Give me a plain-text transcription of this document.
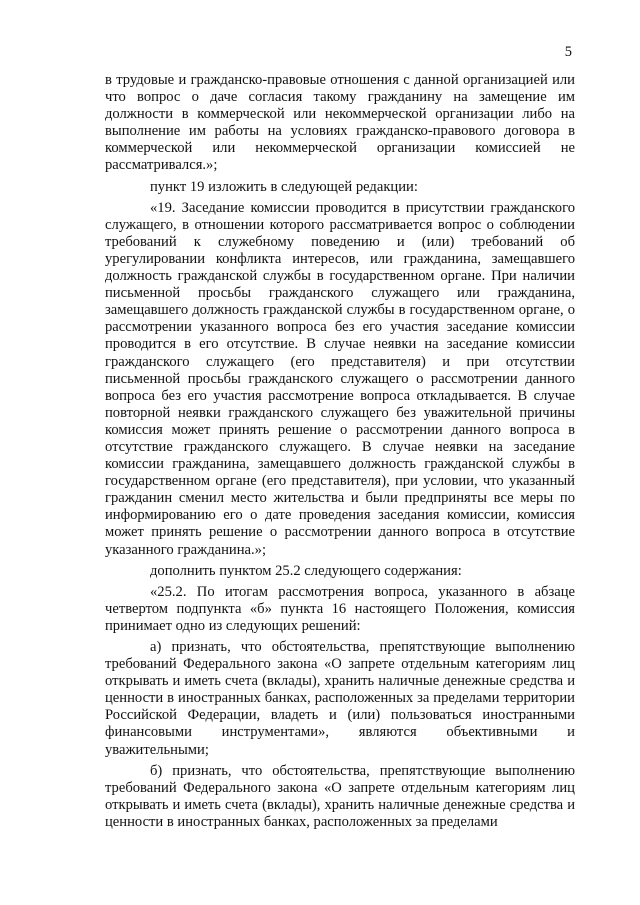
5

в трудовые и гражданско-правовые отношения с данной организацией или что вопрос о даче согласия такому гражданину на замещение им должности в коммерческой или некоммерческой организации либо на выполнение им работы на условиях гражданско-правового договора в коммерческой или некоммерческой организации комиссией не рассматривался.»;

пункт 19 изложить в следующей редакции:

«19. Заседание комиссии проводится в присутствии гражданского служащего, в отношении которого рассматривается вопрос о соблюдении требований к служебному поведению и (или) требований об урегулировании конфликта интересов, или гражданина, замещавшего должность гражданской службы в государственном органе. При наличии письменной просьбы гражданского служащего или гражданина, замещавшего должность гражданской службы в государственном органе, о рассмотрении указанного вопроса без его участия заседание комиссии проводится в его отсутствие. В случае неявки на заседание комиссии гражданского служащего (его представителя) и при отсутствии письменной просьбы гражданского служащего о рассмотрении данного вопроса без его участия рассмотрение вопроса откладывается. В случае повторной неявки гражданского служащего без уважительной причины комиссия может принять решение о рассмотрении данного вопроса в отсутствие гражданского служащего. В случае неявки на заседание комиссии гражданина, замещавшего должность гражданской службы в государственном органе (его представителя), при условии, что указанный гражданин сменил место жительства и были предприняты все меры по информированию его о дате проведения заседания комиссии, комиссия может принять решение о рассмотрении данного вопроса в отсутствие указанного гражданина.»;

дополнить пунктом 25.2 следующего содержания:

«25.2. По итогам рассмотрения вопроса, указанного в абзаце четвертом подпункта «б» пункта 16 настоящего Положения, комиссия принимает одно из следующих решений:

а) признать, что обстоятельства, препятствующие выполнению требований Федерального закона «О запрете отдельным категориям лиц открывать и иметь счета (вклады), хранить наличные денежные средства и ценности в иностранных банках, расположенных за пределами территории Российской Федерации, владеть и (или) пользоваться иностранными финансовыми инструментами», являются объективными и уважительными;

б) признать, что обстоятельства, препятствующие выполнению требований Федерального закона «О запрете отдельным категориям лиц открывать и иметь счета (вклады), хранить наличные денежные средства и ценности в иностранных банках, расположенных за пределами
